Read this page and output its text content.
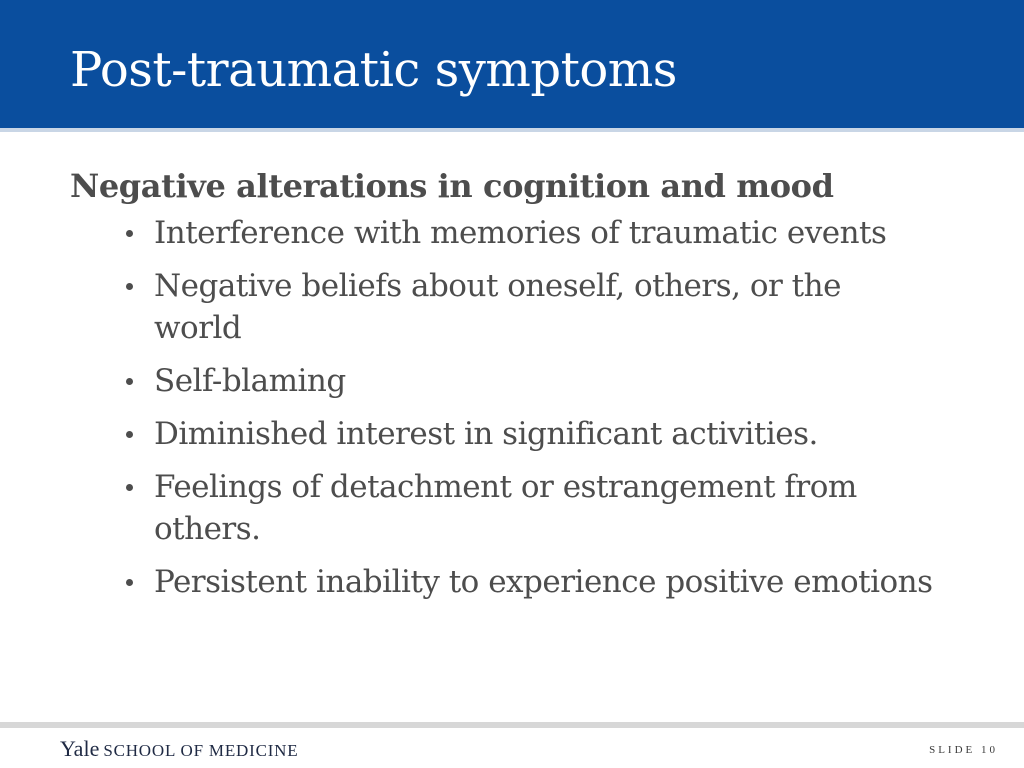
Post-traumatic symptoms
Negative alterations in cognition and mood
Interference with memories of traumatic events
Negative beliefs about oneself, others, or the world
Self-blaming
Diminished interest in significant activities.
Feelings of detachment or estrangement from others.
Persistent inability to experience positive emotions
Yale SCHOOL OF MEDICINE	SLIDE 10
